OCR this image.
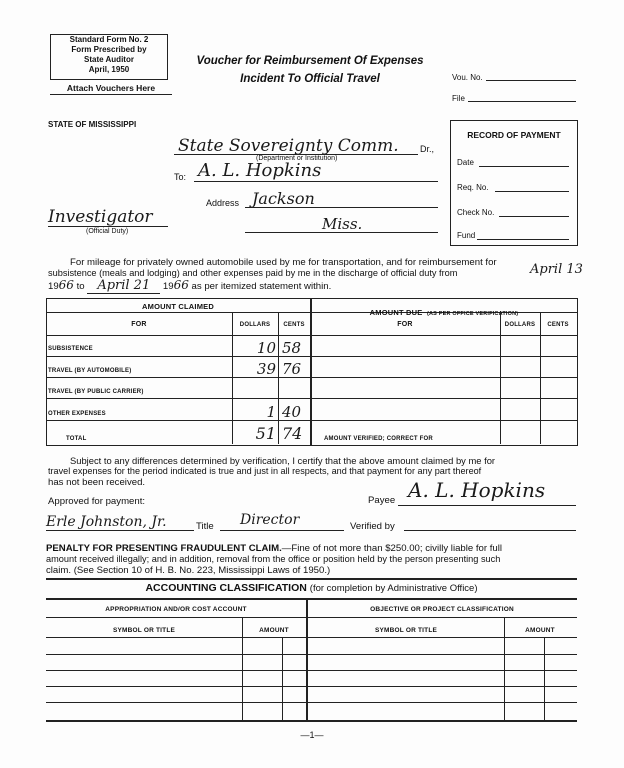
Standard Form No. 2
Form Prescribed by
State Auditor
April, 1950
Attach Vouchers Here
Voucher for Reimbursement Of Expenses
Incident To Official Travel	Vou. No.
File
STATE OF MISSISSIPPI
RECORD OF PAYMENT
Date
Req. No.
Check No.
Fund
State Sovereignty Comm. Dr.,
(Department or Institution)
To: A. L. Hopkins
Address Jackson
Miss.
Investigator
(Official Duty)
For mileage for privately owned automobile used by me for transportation, and for reimbursement for
subsistence (meals and lodging) and other expenses paid by me in the discharge of official duty from	April 13
1966 to April 21 1966 as per itemized statement within.
AMOUNT CLAIMED
AMOUNT DUE (AS PER OFFICE VERIFICATION)
FOR	DOLLARS	CENTS	FOR	DOLLARS	CENTS
SUBSISTENCE	10 58
TRAVEL (BY AUTOMOBILE)	39 76
TRAVEL (BY PUBLIC CARRIER)
OTHER EXPENSES	1 40
TOTAL	51 74	AMOUNT VERIFIED; CORRECT FOR
Subject to any differences determined by verification, I certify that the above amount claimed by me for
travel expenses for the period indicated is true and just in all respects, and that payment for any part thereof
has not been received.
Approved for payment:	Payee A. L. Hopkins
Erle Johnston, Jr.	Title Director	Verified by
PENALTY FOR PRESENTING FRAUDULENT CLAIM.—Fine of not more than $250.00; civilly liable for full
amount received illegally; and in addition, removal from the office or position held by the person presenting such
claim. (See Section 10 of H. B. No. 223, Mississippi Laws of 1950.)
ACCOUNTING CLASSIFICATION (for completion by Administrative Office)
APPROPRIATION AND/OR COST ACCOUNT	OBJECTIVE OR PROJECT CLASSIFICATION
SYMBOL OR TITLE	AMOUNT	SYMBOL OR TITLE	AMOUNT
—1—
